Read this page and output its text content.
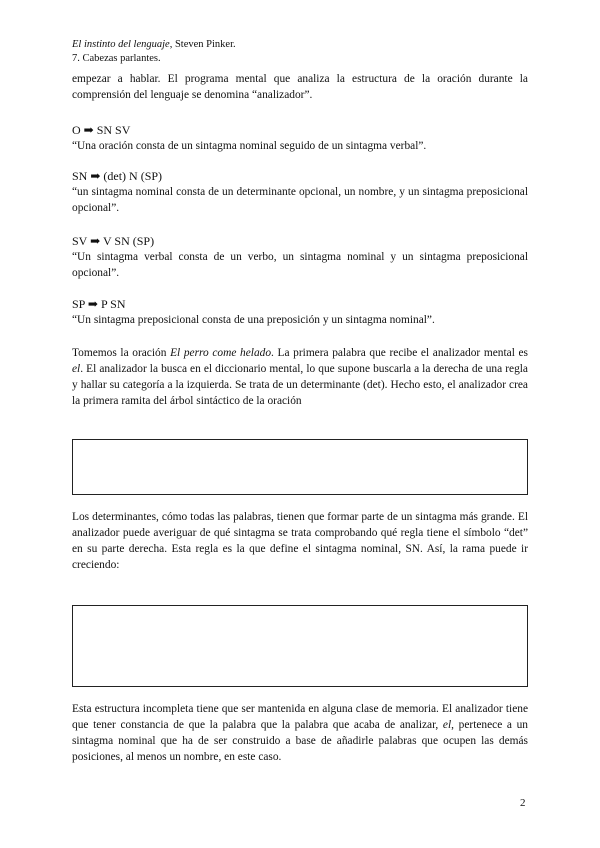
El instinto del lenguaje, Steven Pinker.
7. Cabezas parlantes.
empezar a hablar. El programa mental que analiza la estructura de la oración durante la comprensión del lenguaje se denomina “analizador”.
O ➡ SN SV
“Una oración consta de un sintagma nominal seguido de un sintagma verbal”.
SN ➡ (det) N (SP)
“un sintagma nominal consta de un determinante opcional, un nombre, y un sintagma preposicional opcional”.
SV ➡ V SN (SP)
“Un sintagma verbal consta de un verbo, un sintagma nominal y un sintagma preposicional opcional”.
SP ➡ P SN
“Un sintagma preposicional consta de una preposición y un sintagma nominal”.
Tomemos la oración El perro come helado. La primera palabra que recibe el analizador mental es el. El analizador la busca en el diccionario mental, lo que supone buscarla a la derecha de una regla y hallar su categoría a la izquierda. Se trata de un determinante (det). Hecho esto, el analizador crea la primera ramita del árbol sintáctico de la oración
Los determinantes, cómo todas las palabras, tienen que formar parte de un sintagma más grande. El analizador puede averiguar de qué sintagma se trata comprobando qué regla tiene el símbolo “det” en su parte derecha. Esta regla es la que define el sintagma nominal, SN. Así, la rama puede ir creciendo:
Esta estructura incompleta tiene que ser mantenida en alguna clase de memoria. El analizador tiene que tener constancia de que la palabra que la palabra que acaba de analizar, el, pertenece a un sintagma nominal que ha de ser construido a base de añadirle palabras que ocupen las demás posiciones, al menos un nombre, en este caso.
2
